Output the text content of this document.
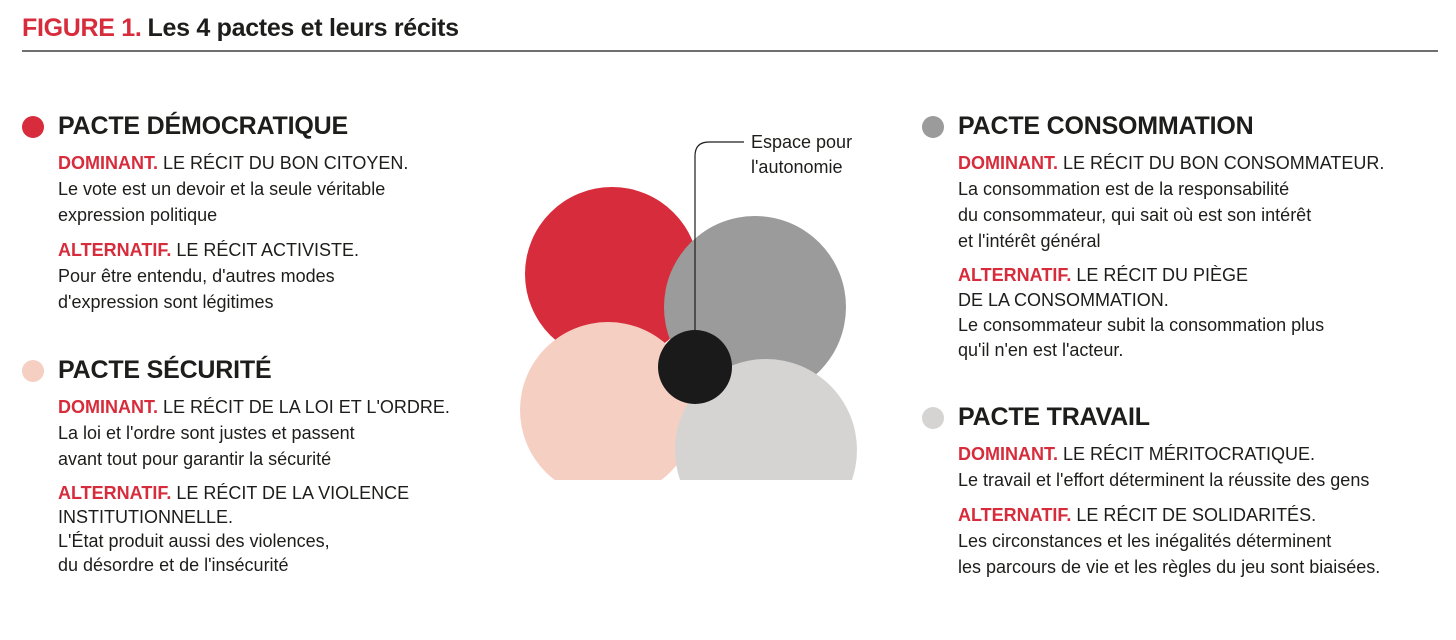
FIGURE 1. Les 4 pactes et leurs récits
PACTE DÉMOCRATIQUE
DOMINANT. LE RÉCIT DU BON CITOYEN.
Le vote est un devoir et la seule véritable
expression politique
ALTERNATIF. LE RÉCIT ACTIVISTE.
Pour être entendu, d'autres modes
d'expression sont légitimes
PACTE SÉCURITÉ
DOMINANT. LE RÉCIT DE LA LOI ET L'ORDRE.
La loi et l'ordre sont justes et passent
avant tout pour garantir la sécurité
ALTERNATIF. LE RÉCIT DE LA VIOLENCE
INSTITUTIONNELLE.
L'État produit aussi des violences,
du désordre et de l'insécurité
PACTE CONSOMMATION
DOMINANT. LE RÉCIT DU BON CONSOMMATEUR.
La consommation est de la responsabilité
du consommateur, qui sait où est son intérêt
et l'intérêt général
ALTERNATIF. LE RÉCIT DU PIÈGE
DE LA CONSOMMATION.
Le consommateur subit la consommation plus
qu'il n'en est l'acteur.
PACTE TRAVAIL
DOMINANT. LE RÉCIT MÉRITOCRATIQUE.
Le travail et l'effort déterminent la réussite des gens
ALTERNATIF. LE RÉCIT DE SOLIDARITÉS.
Les circonstances et les inégalités déterminent
les parcours de vie et les règles du jeu sont biaisées.
Espace pour
l'autonomie
